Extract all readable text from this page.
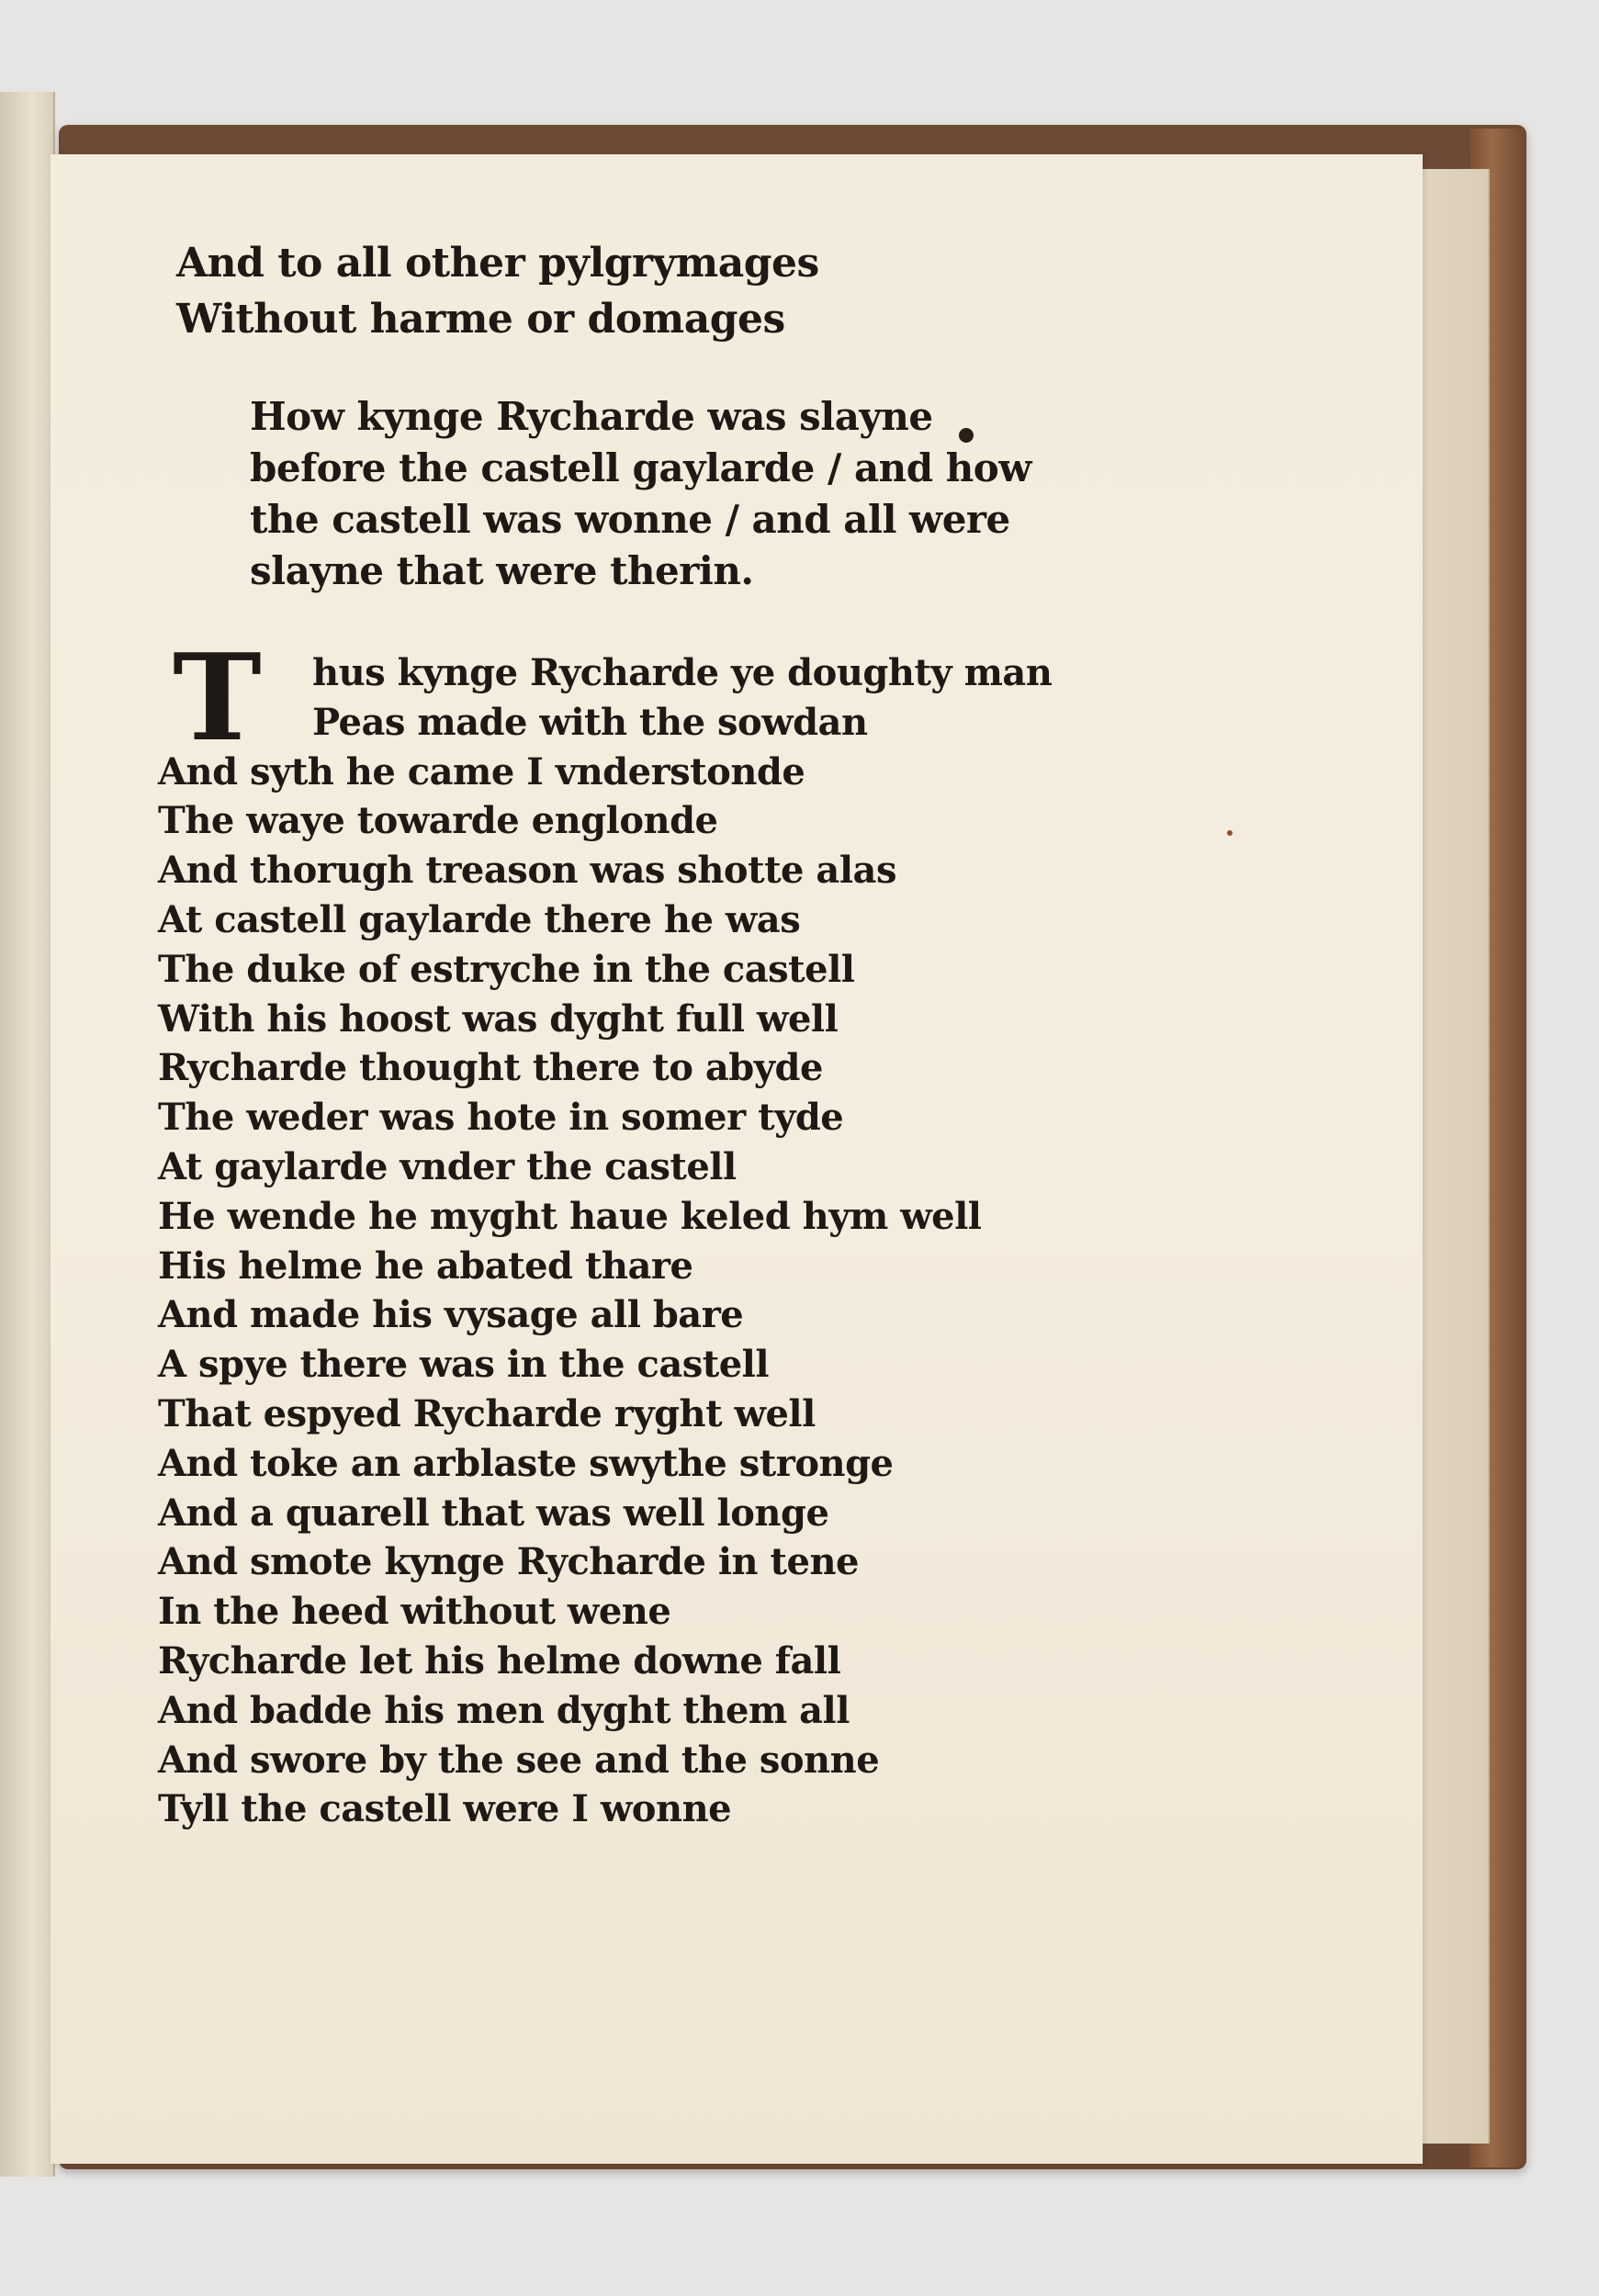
And to all other pylgrymages
Without harme or domages
How kynge Rycharde was slayne
before the castell gaylarde / and how
the castell was wonne / and all were
slayne that were therin.
T	hus kynge Rycharde ye doughty man
Peas made with the sowdan
And syth he came I vnderstonde
The waye towarde englonde
And thorugh treason was shotte alas
At castell gaylarde there he was
The duke of estryche in the castell
With his hoost was dyght full well
Rycharde thought there to abyde
The weder was hote in somer tyde
At gaylarde vnder the castell
He wende he myght haue keled hym well
His helme he abated thare
And made his vysage all bare
A spye there was in the castell
That espyed Rycharde ryght well
And toke an arblaste swythe stronge
And a quarell that was well longe
And smote kynge Rycharde in tene
In the heed without wene
Rycharde let his helme downe fall
And badde his men dyght them all
And swore by the see and the sonne
Tyll the castell were I wonne
